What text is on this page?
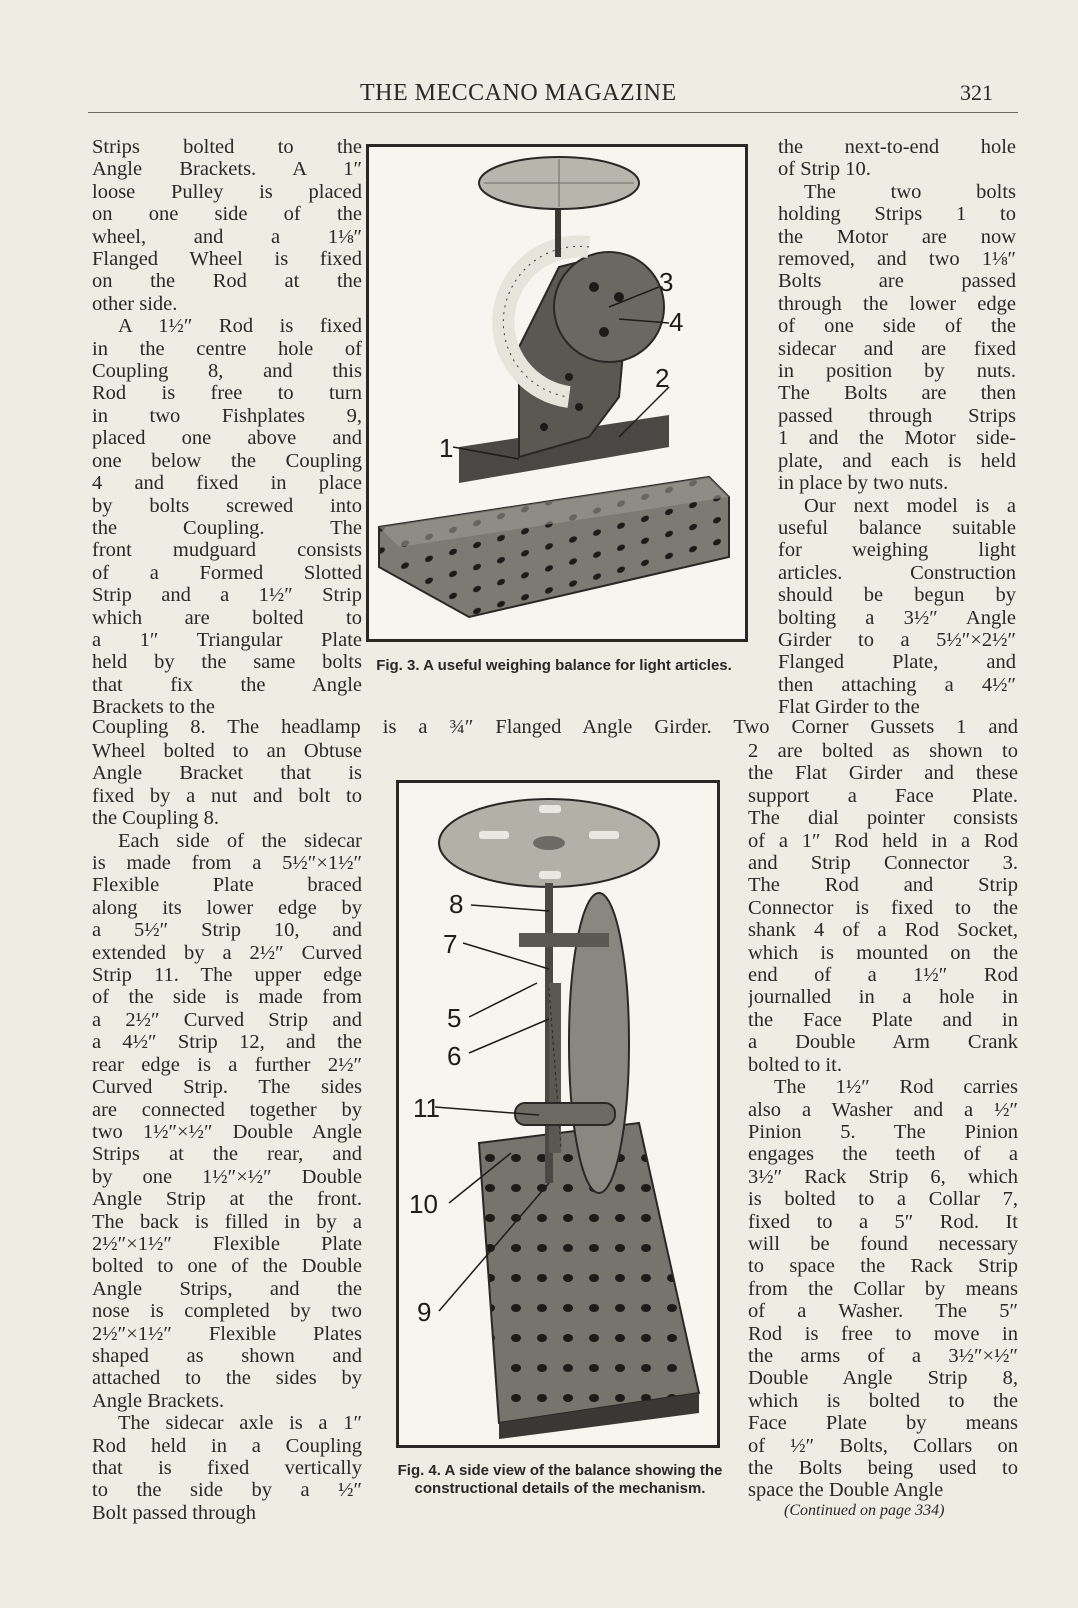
THE MECCANO MAGAZINE	321
Strips bolted to the
Angle Brackets. A 1″
loose Pulley is placed
on one side of the
wheel, and a 1⅛″
Flanged Wheel is fixed
on the Rod at the
other side.
A 1½″ Rod is fixed
in the centre hole of
Coupling 8, and this
Rod is free to turn
in two Fishplates 9,
placed one above and
one below the Coupling
4 and fixed in place
by bolts screwed into
the Coupling. The
front mudguard consists
of a Formed Slotted
Strip and a 1½″ Strip
which are bolted to
a 1″ Triangular Plate
held by the same bolts
that fix the Angle
Brackets to the
the next-to-end hole
of Strip 10.
The two bolts
holding Strips 1 to
the Motor are now
removed, and two 1⅛″
Bolts are passed
through the lower edge
of one side of the
sidecar and are fixed
in position by nuts.
The Bolts are then
passed through Strips
1 and the Motor side-
plate, and each is held
in place by two nuts.
Our next model is a
useful balance suitable
for weighing light
articles. Construction
should be begun by
bolting a 3½″ Angle
Girder to a 5½″×2½″
Flanged Plate, and
then attaching a 4½″
Flat Girder to the
Coupling 8. The headlamp is a ¾″ Flanged Angle Girder. Two Corner Gussets 1 and
Wheel bolted to an Obtuse
Angle Bracket that is
fixed by a nut and bolt to
the Coupling 8.
Each side of the sidecar
is made from a 5½″×1½″
Flexible Plate braced
along its lower edge by
a 5½″ Strip 10, and
extended by a 2½″ Curved
Strip 11. The upper edge
of the side is made from
a 2½″ Curved Strip and
a 4½″ Strip 12, and the
rear edge is a further 2½″
Curved Strip. The sides
are connected together by
two 1½″×½″ Double Angle
Strips at the rear, and
by one 1½″×½″ Double
Angle Strip at the front.
The back is filled in by a
2½″×1½″ Flexible Plate
bolted to one of the Double
Angle Strips, and the
nose is completed by two
2½″×1½″ Flexible Plates
shaped as shown and
attached to the sides by
Angle Brackets.
The sidecar axle is a 1″
Rod held in a Coupling
that is fixed vertically
to the side by a ½″
Bolt passed through
2 are bolted as shown to
the Flat Girder and these
support a Face Plate.
The dial pointer consists
of a 1″ Rod held in a Rod
and Strip Connector 3.
The Rod and Strip
Connector is fixed to the
shank 4 of a Rod Socket,
which is mounted on the
end of a 1½″ Rod
journalled in a hole in
the Face Plate and in
a Double Arm Crank
bolted to it.
The 1½″ Rod carries
also a Washer and a ½″
Pinion 5. The Pinion
engages the teeth of a
3½″ Rack Strip 6, which
is bolted to a Collar 7,
fixed to a 5″ Rod. It
will be found necessary
to space the Rack Strip
from the Collar by means
of a Washer. The 5″
Rod is free to move in
the arms of a 3½″×½″
Double Angle Strip 8,
which is bolted to the
Face Plate by means
of ½″ Bolts, Collars on
the Bolts being used to
space the Double Angle
1
2
3
4
Fig. 3. A useful weighing balance for light articles.
5
6
7
8
9
10
11
Fig. 4. A side view of the balance showing the constructional details of the mechanism.
(Continued on page 334)
